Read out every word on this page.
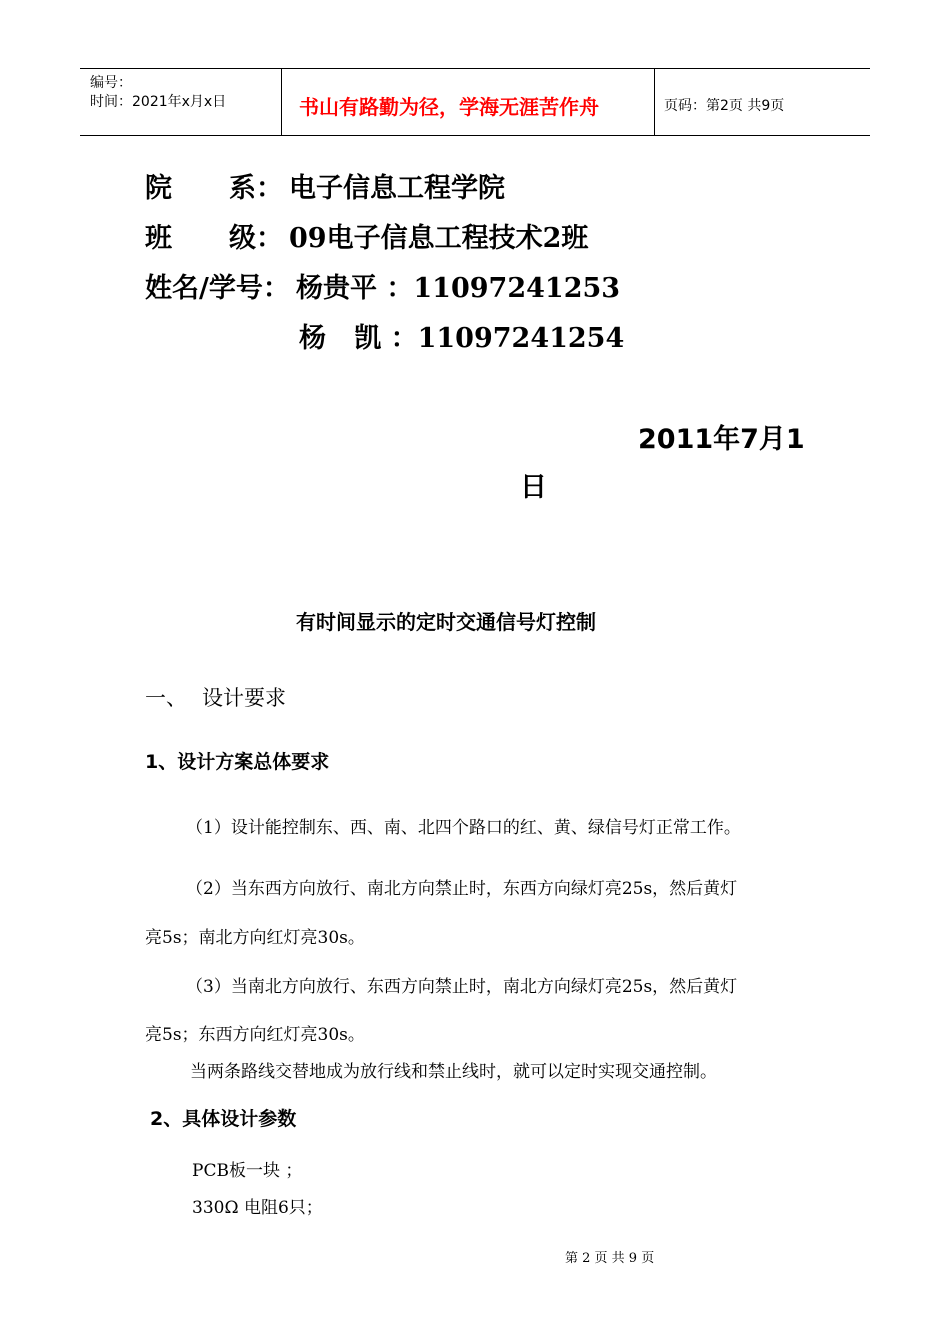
编号：
时间：2021年x月x日	书山有路勤为径，学海无涯苦作舟	页码：第2页 共9页
院 系： 电子信息工程学院
班 级： 09电子信息工程技术2班
姓名/学号： 杨贵平 ：11097241253
杨   凯 ：11097241254
2011年7月1
日
有时间显示的定时交通信号灯控制
一、 设计要求
1、设计方案总体要求
（1）设计能控制东、西、南、北四个路口的红、黄、绿信号灯正常工作。
（2）当东西方向放行、南北方向禁止时，东西方向绿灯亮25s，然后黄灯
亮5s；南北方向红灯亮30s。
（3）当南北方向放行、东西方向禁止时，南北方向绿灯亮25s，然后黄灯
亮5s；东西方向红灯亮30s。
当两条路线交替地成为放行线和禁止线时，就可以定时实现交通控制。
2、具体设计参数
PCB板一块 ；
330Ω 电阻6只；
第 2 页 共 9 页
